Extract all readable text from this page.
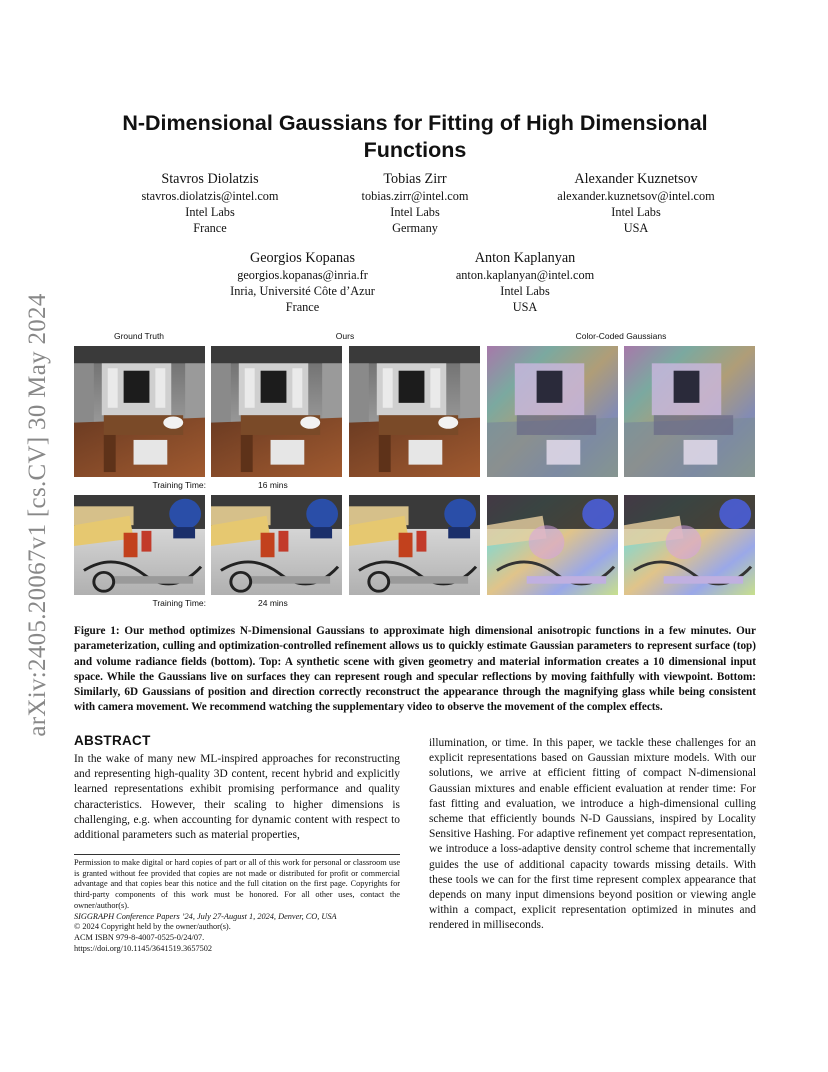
arXiv:2405.20067v1 [cs.CV] 30 May 2024
N-Dimensional Gaussians for Fitting of High Dimensional Functions
Stavros Diolatzis
stavros.diolatzis@intel.com
Intel Labs
France
Tobias Zirr
tobias.zirr@intel.com
Intel Labs
Germany
Alexander Kuznetsov
alexander.kuznetsov@intel.com
Intel Labs
USA
Georgios Kopanas
georgios.kopanas@inria.fr
Inria, Université Côte d’Azur
France
Anton Kaplanyan
anton.kaplanyan@intel.com
Intel Labs
USA
Ground Truth	Ours	Color-Coded Gaussians
Training Time:	16 mins
Training Time:	24 mins
Figure 1: Our method optimizes N-Dimensional Gaussians to approximate high dimensional anisotropic functions in a few minutes. Our parameterization, culling and optimization-controlled refinement allows us to quickly estimate Gaussian parameters to represent surface (top) and volume radiance fields (bottom). Top: A synthetic scene with given geometry and material information creates a 10 dimensional input space. While the Gaussians live on surfaces they can represent rough and specular reflections by moving faithfully with viewpoint. Bottom: Similarly, 6D Gaussians of position and direction correctly reconstruct the appearance through the magnifying glass while being consistent with camera movement. We recommend watching the supplementary video to observe the movement of the complex effects.
ABSTRACT
In the wake of many new ML-inspired approaches for reconstructing and representing high-quality 3D content, recent hybrid and explicitly learned representations exhibit promising performance and quality characteristics. However, their scaling to higher dimensions is challenging, e.g. when accounting for dynamic content with respect to additional parameters such as material properties,
illumination, or time. In this paper, we tackle these challenges for an explicit representations based on Gaussian mixture models. With our solutions, we arrive at efficient fitting of compact N-dimensional Gaussian mixtures and enable efficient evaluation at render time: For fast fitting and evaluation, we introduce a high-dimensional culling scheme that efficiently bounds N-D Gaussians, inspired by Locality Sensitive Hashing. For adaptive refinement yet compact representation, we introduce a loss-adaptive density control scheme that incrementally guides the use of additional capacity towards missing details. With these tools we can for the first time represent complex appearance that depends on many input dimensions beyond position or viewing angle within a compact, explicit representation optimized in minutes and rendered in milliseconds.
Permission to make digital or hard copies of part or all of this work for personal or classroom use is granted without fee provided that copies are not made or distributed for profit or commercial advantage and that copies bear this notice and the full citation on the first page. Copyrights for third-party components of this work must be honored. For all other uses, contact the owner/author(s).
SIGGRAPH Conference Papers ’24, July 27-August 1, 2024, Denver, CO, USA
© 2024 Copyright held by the owner/author(s).
ACM ISBN 979-8-4007-0525-0/24/07.
https://doi.org/10.1145/3641519.3657502
